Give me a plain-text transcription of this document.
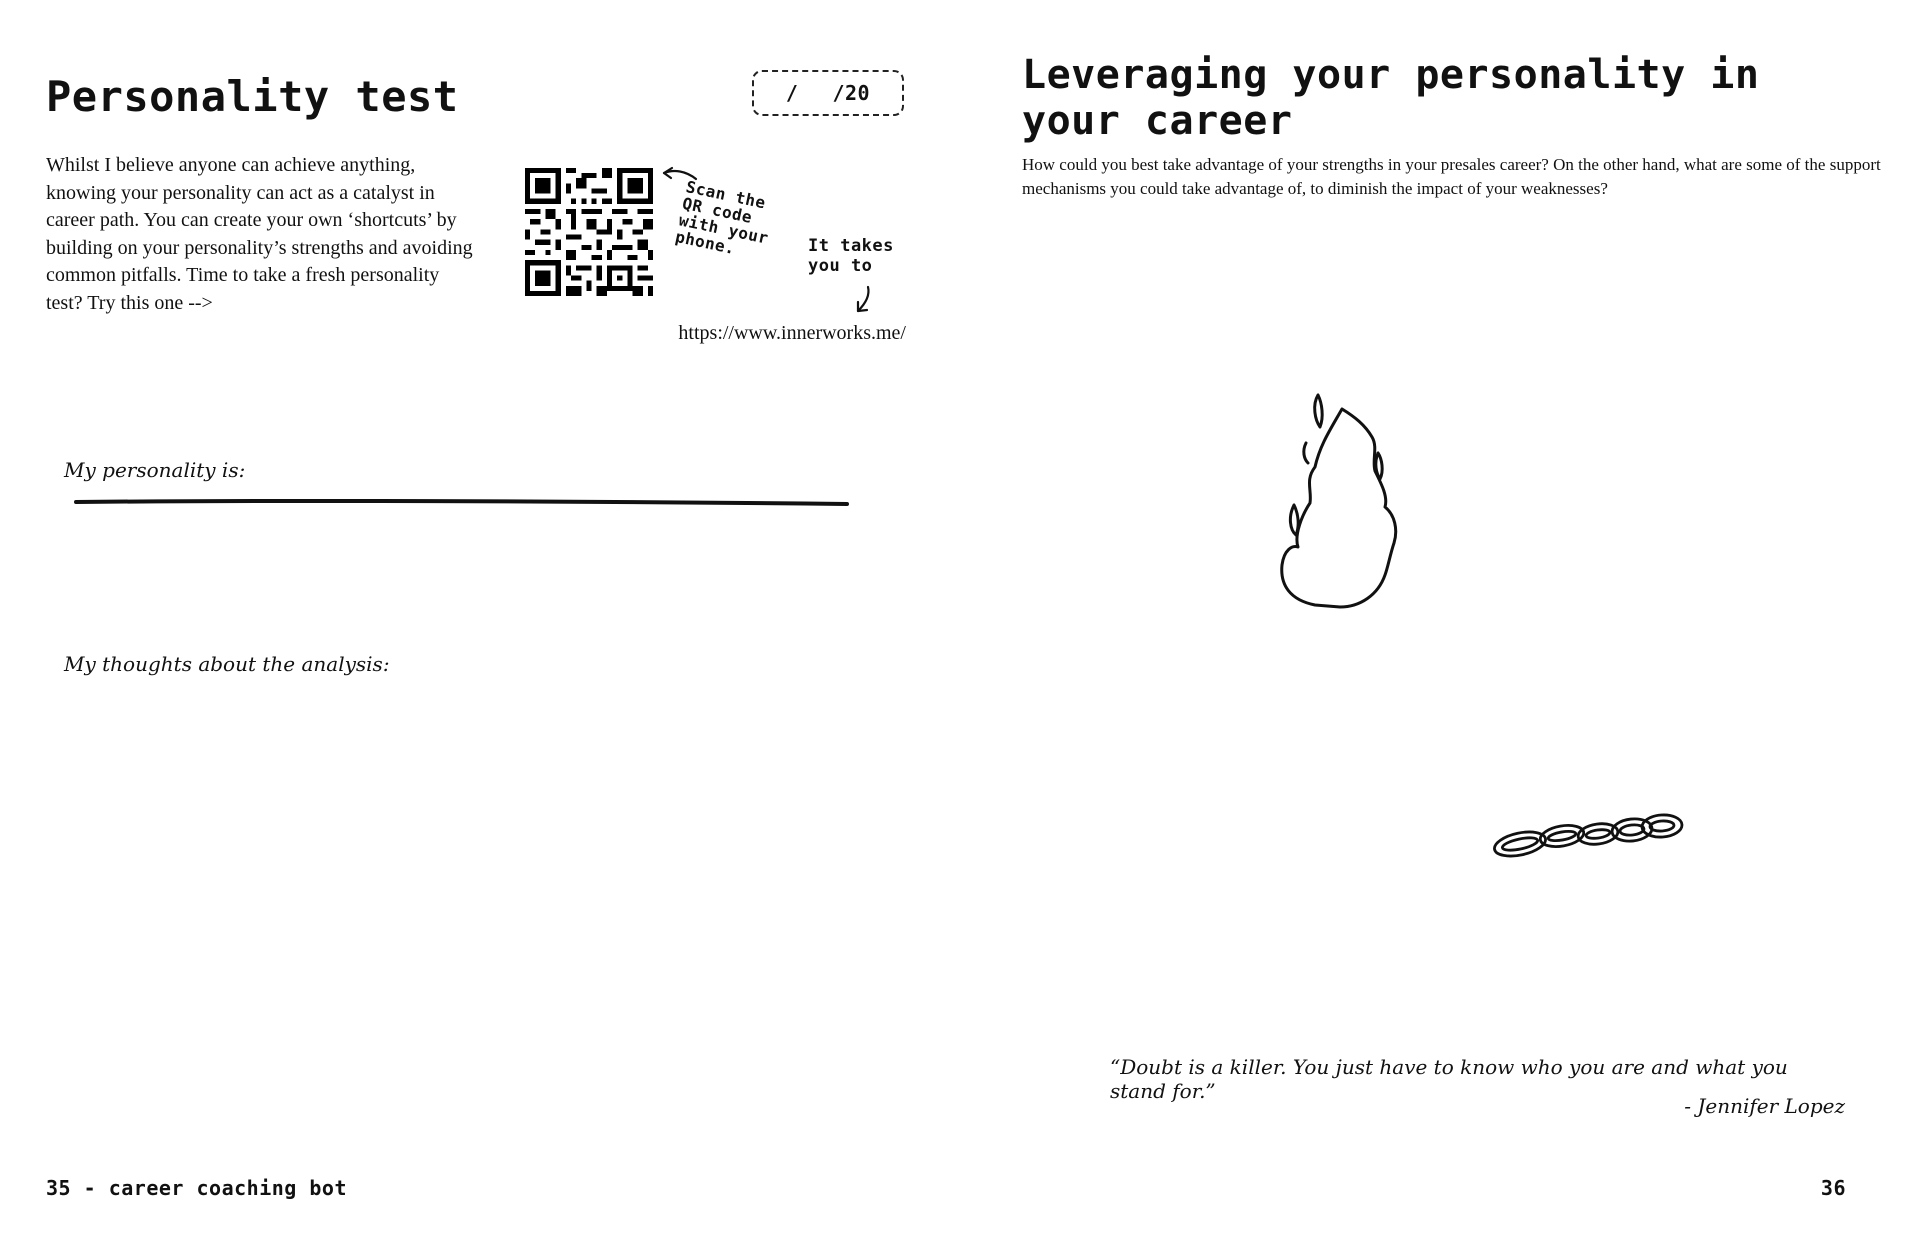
Personality test	/ /20

Whilst I believe anyone can achieve anything, knowing your personality can act as a catalyst in career path. You can create your own ‘shortcuts’ by building on your personality’s strengths and avoiding common pitfalls. Time to take a fresh personality test? Try this one -->

Scan the QR code with your phone.	It takes you to
https://www.innerworks.me/
My personality is:
My thoughts about the analysis:
35 - career coaching bot
Leveraging your personality in your career

How could you best take advantage of your strengths in your presales career? On the other hand, what are some of the support mechanisms you could take advantage of, to diminish the impact of your weaknesses?

“Doubt is a killer. You just have to know who you are and what you stand for.”
- Jennifer Lopez
36
